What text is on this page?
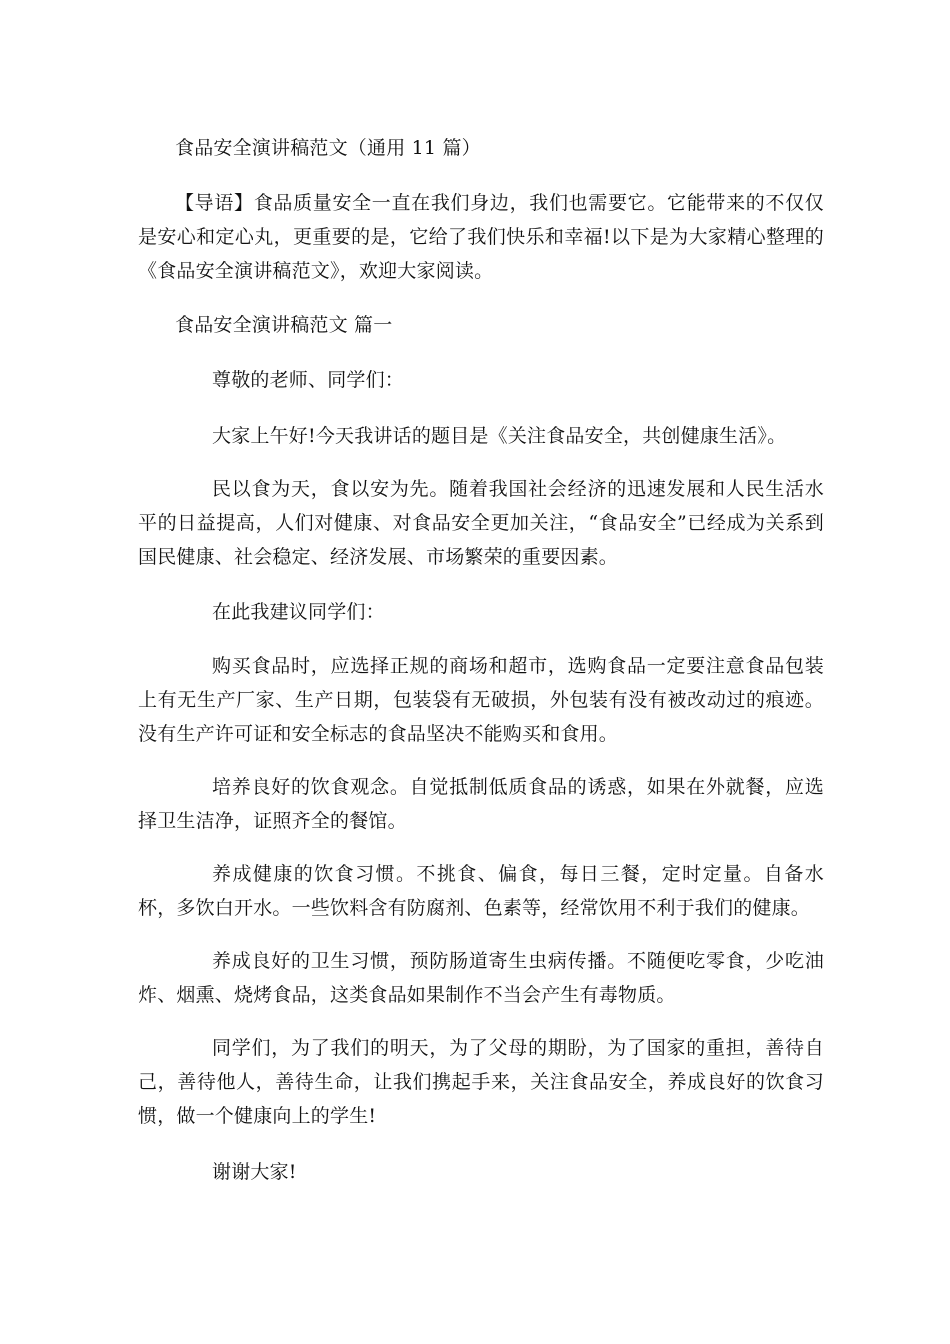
食品安全演讲稿范文（通用 11 篇）
【导语】食品质量安全一直在我们身边，我们也需要它。它能带来的不仅仅是安心和定心丸，更重要的是，它给了我们快乐和幸福!以下是为大家精心整理的《食品安全演讲稿范文》，欢迎大家阅读。
食品安全演讲稿范文 篇一
尊敬的老师、同学们：
大家上午好!今天我讲话的题目是《关注食品安全，共创健康生活》。
民以食为天，食以安为先。随着我国社会经济的迅速发展和人民生活水平的日益提高，人们对健康、对食品安全更加关注，“食品安全”已经成为关系到国民健康、社会稳定、经济发展、市场繁荣的重要因素。
在此我建议同学们：
购买食品时，应选择正规的商场和超市，选购食品一定要注意食品包装上有无生产厂家、生产日期，包装袋有无破损，外包装有没有被改动过的痕迹。没有生产许可证和安全标志的食品坚决不能购买和食用。
培养良好的饮食观念。自觉抵制低质食品的诱惑，如果在外就餐，应选择卫生洁净，证照齐全的餐馆。
养成健康的饮食习惯。不挑食、偏食，每日三餐，定时定量。自备水杯，多饮白开水。一些饮料含有防腐剂、色素等，经常饮用不利于我们的健康。
养成良好的卫生习惯，预防肠道寄生虫病传播。不随便吃零食，少吃油炸、烟熏、烧烤食品，这类食品如果制作不当会产生有毒物质。
同学们，为了我们的明天，为了父母的期盼，为了国家的重担，善待自己，善待他人，善待生命，让我们携起手来，关注食品安全，养成良好的饮食习惯，做一个健康向上的学生!
谢谢大家!
